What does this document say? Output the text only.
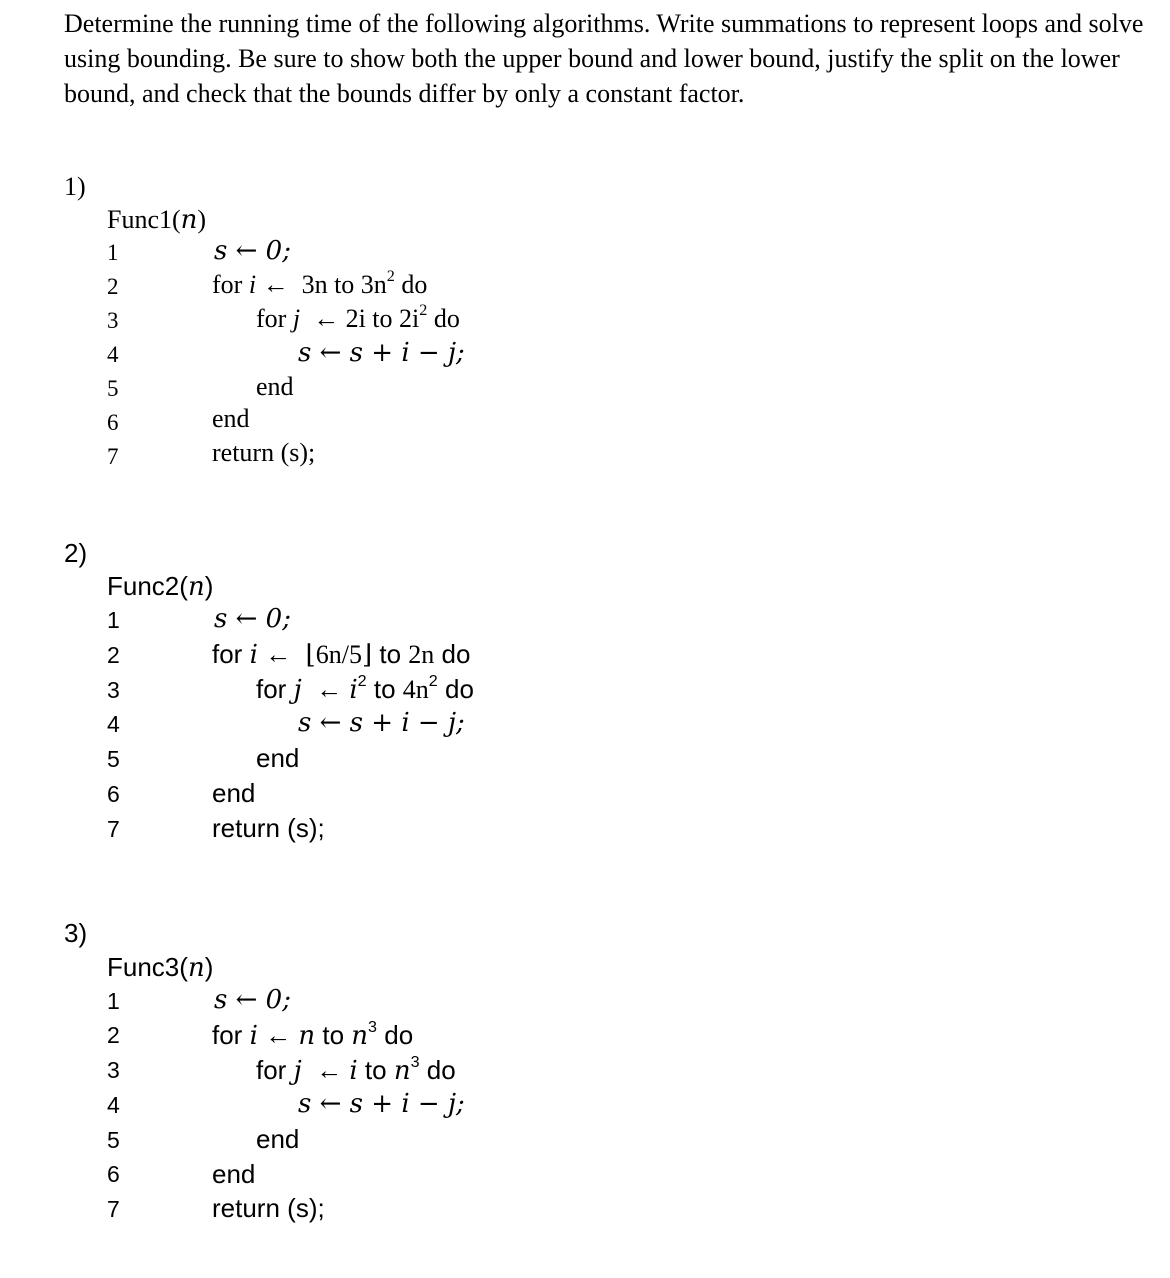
Determine the running time of the following algorithms. Write summations to represent loops and solve using bounding. Be sure to show both the upper bound and lower bound, justify the split on the lower bound, and check that the bounds differ by only a constant factor.
1)
Func1(n)
1
2
3
4
5
6
7
s ← 0;
for i ← 3n to $3n^2$ do
for j ← 2i to $2i^2$ do
s ← s + i − j;
end
end
return (s);
2)
Func2(n)
1
2
3
4
5
6
7
s ← 0;
for i ← ⌊6n/5⌋ to 2n do
for j ← $i^2$ to $4n^2$ do
s ← s + i − j;
end
end
return (s);
3)
Func3(n)
1
2
3
4
5
6
7
s ← 0;
for i ← n to $n^3$ do
for j ← i to $n^3$ do
s ← s + i − j;
end
end
return (s);
